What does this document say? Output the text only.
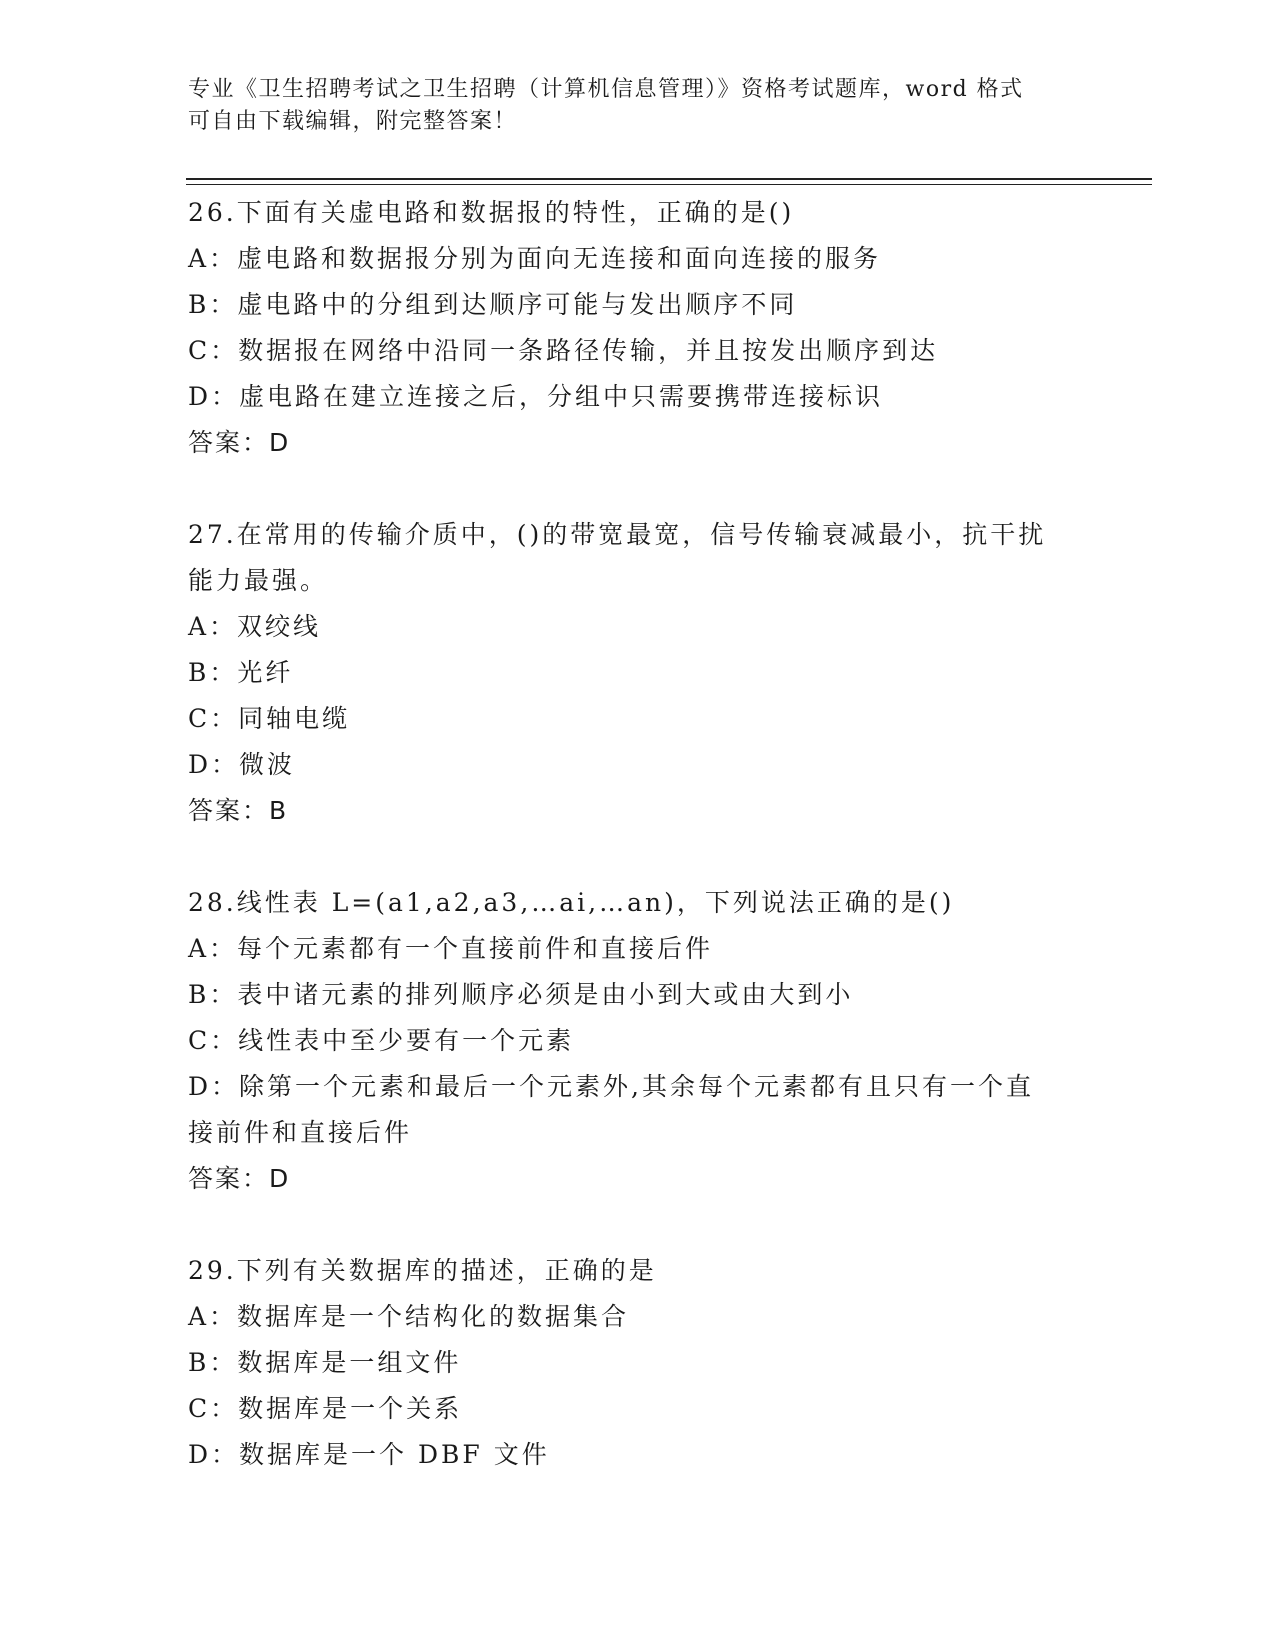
专业《卫生招聘考试之卫生招聘（计算机信息管理）》资格考试题库，word 格式
可自由下载编辑，附完整答案！

26.下面有关虚电路和数据报的特性，正确的是()

A：虚电路和数据报分别为面向无连接和面向连接的服务

B：虚电路中的分组到达顺序可能与发出顺序不同

C：数据报在网络中沿同一条路径传输，并且按发出顺序到达

D：虚电路在建立连接之后，分组中只需要携带连接标识

答案：D

27.在常用的传输介质中，()的带宽最宽，信号传输衰减最小，抗干扰

能力最强。

A：双绞线

B：光纤

C：同轴电缆

D：微波

答案：B

28.线性表 L=(a1,a2,a3,…ai,…an)，下列说法正确的是()

A：每个元素都有一个直接前件和直接后件

B：表中诸元素的排列顺序必须是由小到大或由大到小

C：线性表中至少要有一个元素

D：除第一个元素和最后一个元素外,其余每个元素都有且只有一个直

接前件和直接后件

答案：D

29.下列有关数据库的描述，正确的是

A：数据库是一个结构化的数据集合

B：数据库是一组文件

C：数据库是一个关系

D：数据库是一个 DBF 文件
